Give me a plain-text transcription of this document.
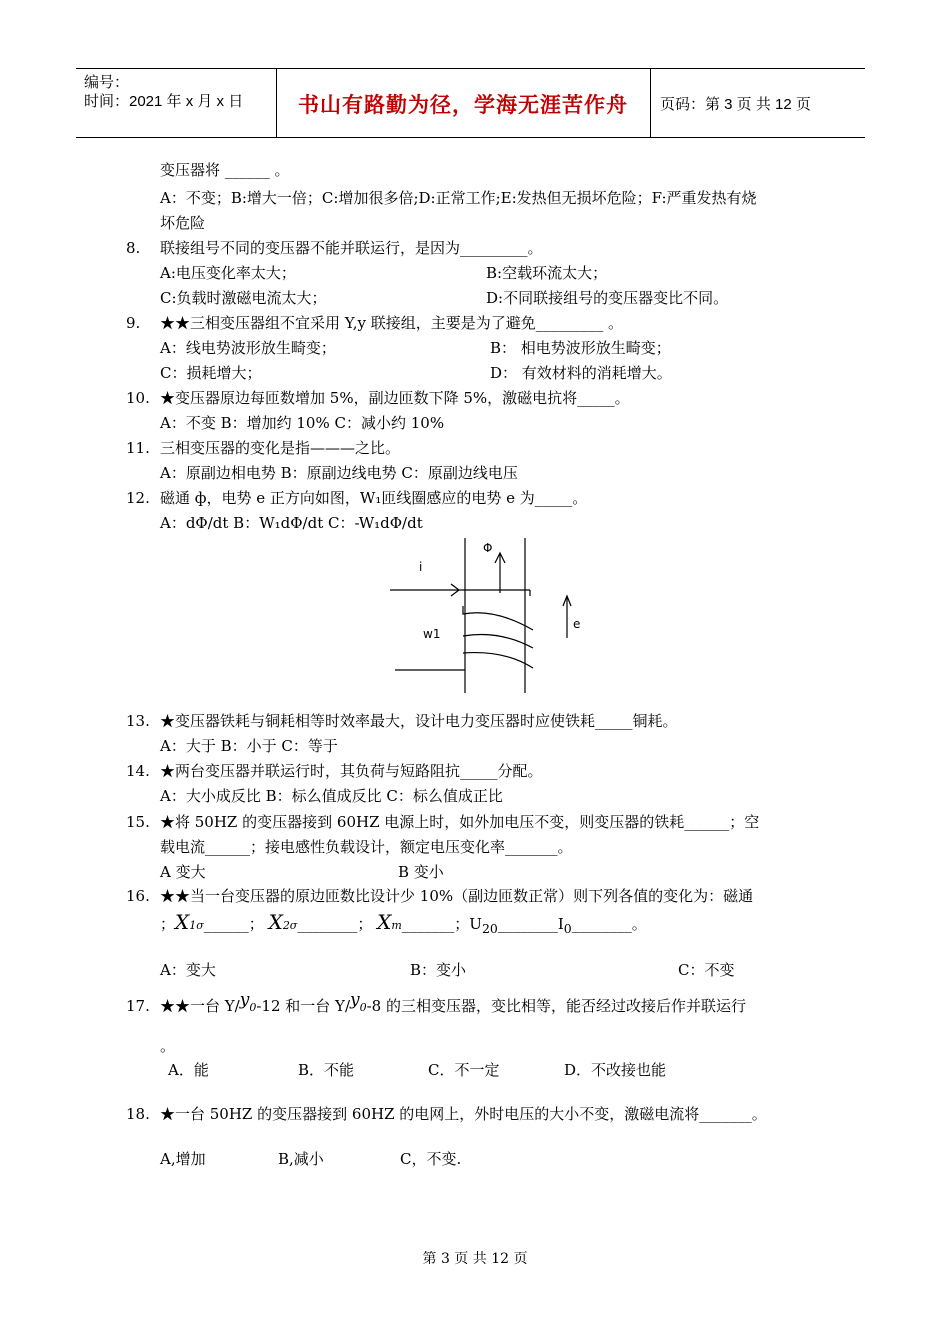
编号：
时间：2021 年 x 月 x 日	书山有路勤为径，学海无涯苦作舟	页码：第 3 页 共 12 页
变压器将 ______ 。
A：不变；B:增大一倍；C:增加很多倍;D:正常工作;E:发热但无损坏危险；F:严重发热有烧
坏危险
8. 联接组号不同的变压器不能并联运行，是因为_________。
A:电压变化率太大；	B:空载环流太大；
C:负载时激磁电流太大；	D:不同联接组号的变压器变比不同。
9. ★★三相变压器组不宜采用 Y,y 联接组，主要是为了避免_________ 。
A：线电势波形放生畸变；	B： 相电势波形放生畸变；
C：损耗增大；	D： 有效材料的消耗增大。
10. ★变压器原边每匝数增加 5%，副边匝数下降 5%，激磁电抗将_____。
A：不变 B：增加约 10% C：减小约 10%
11. 三相变压器的变化是指———之比。
A：原副边相电势 B：原副边线电势 C：原副边线电压
12. 磁通 ф，电势 e 正方向如图，W₁匝线圈感应的电势 e 为_____。
A：dΦ/dt B：W₁dΦ/dt C：-W₁dΦ/dt
i
Φ
w1
e
13. ★变压器铁耗与铜耗相等时效率最大，设计电力变压器时应使铁耗_____铜耗。
A：大于 B：小于 C：等于
14. ★两台变压器并联运行时，其负荷与短路阻抗_____分配。
A：大小成反比 B：标么值成反比 C：标么值成正比
15. ★将 50HZ 的变压器接到 60HZ 电源上时，如外加电压不变，则变压器的铁耗______；空
载电流______；接电感性负载设计，额定电压变化率_______。
A 变大	B 变小
16. ★★当一台变压器的原边匝数比设计少 10%（副边匝数正常）则下列各值的变化为：磁通
；X1σ______； X2σ________； Xm_______；$U_{20}\_\_\_\_\_\_\_\_I_0\_\_\_\_\_\_\_\_$。
A：变大	B：变小	C：不变
17. ★★一台 Y/y0-12 和一台 Y/y0-8 的三相变压器，变比相等，能否经过改接后作并联运行
。
A．能	B．不能	C．不一定	D．不改接也能
18. ★一台 50HZ 的变压器接到 60HZ 的电网上，外时电压的大小不变，激磁电流将_______。
A,增加	B,减小	C，不变.
第 3 页 共 12 页
